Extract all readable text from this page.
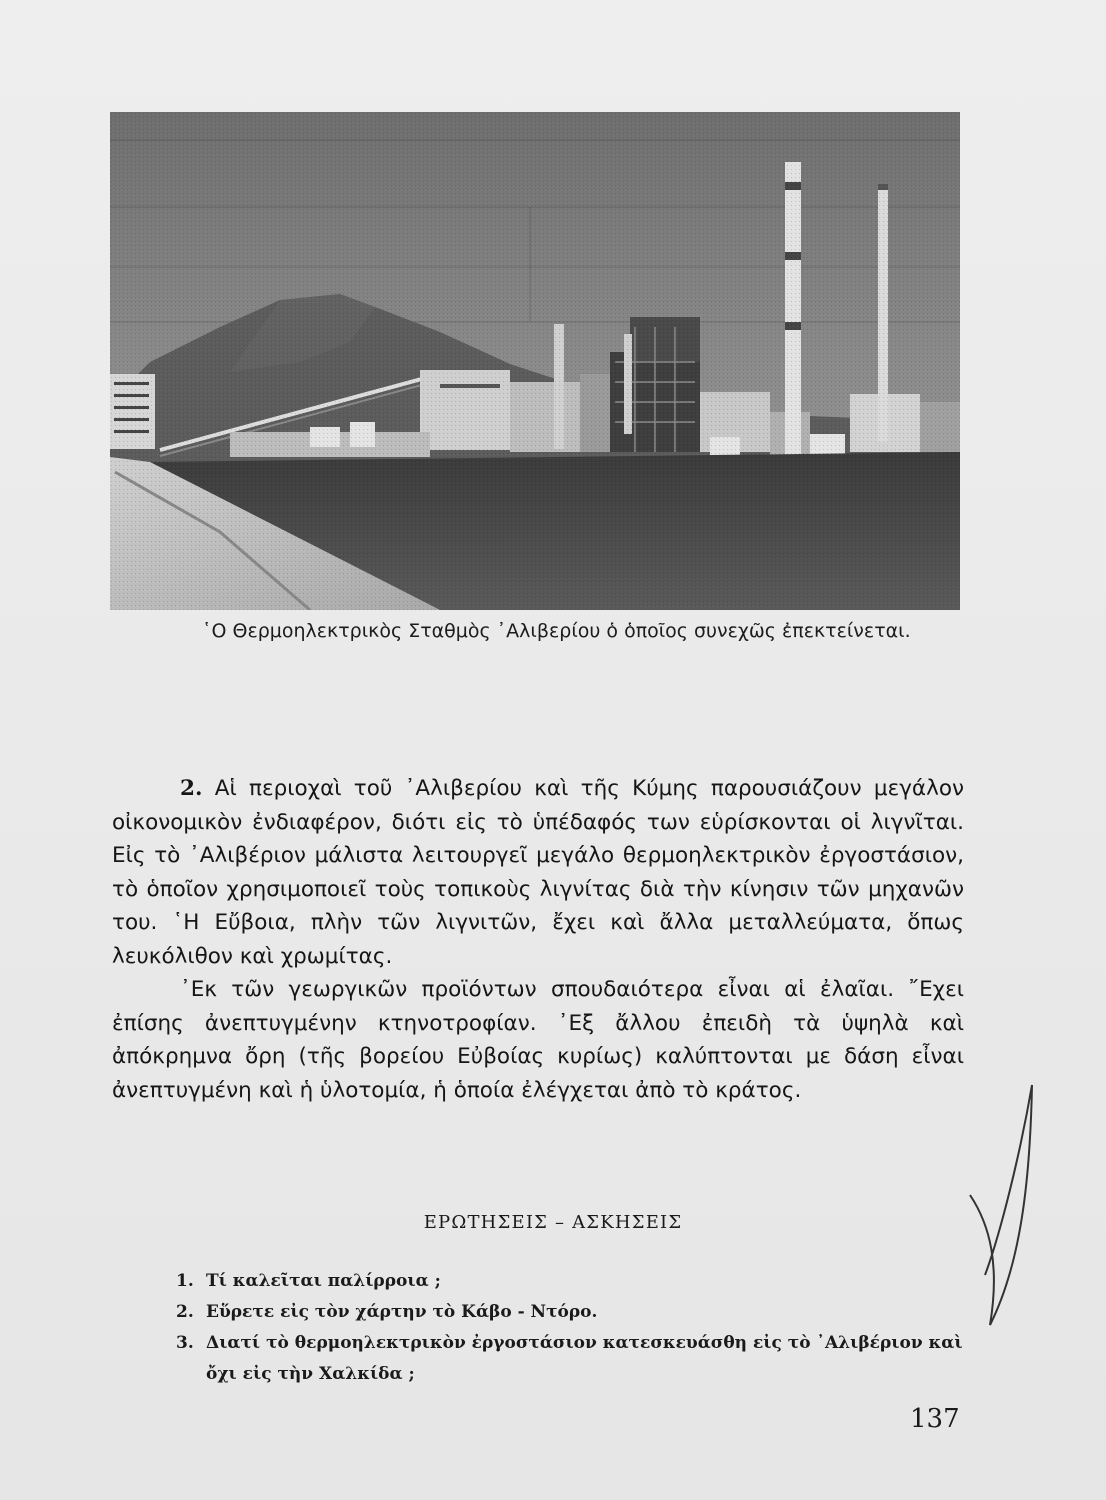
῾Ο Θερμοηλεκτρικὸς Σταθμὸς ᾽Αλιβερίου ὁ ὁποῖος συνεχῶς ἐπεκτείνεται.

2. Αἱ περιοχαὶ τοῦ ᾽Αλιβερίου καὶ τῆς Κύμης παρουσιάζουν μεγάλον οἰκονομικὸν ἐνδιαφέρον, διότι εἰς τὸ ὑπέδαφός των εὑρίσκονται οἱ λιγνῖται. Εἰς τὸ ᾽Αλιβέριον μάλιστα λειτουργεῖ μεγάλο θερμοηλεκτρικὸν ἐργοστάσιον, τὸ ὁποῖον χρησιμοποιεῖ τοὺς τοπικοὺς λιγνίτας διὰ τὴν κίνησιν τῶν μηχανῶν του. ῾Η Εὔβοια, πλὴν τῶν λιγνιτῶν, ἔχει καὶ ἄλλα μεταλλεύματα, ὅπως λευκόλιθον καὶ χρωμίτας.

᾽Εκ τῶν γεωργικῶν προϊόντων σπουδαιότερα εἶναι αἱ ἐλαῖαι. ῎Εχει ἐπίσης ἀνεπτυγμένην κτηνοτροφίαν. ᾽Εξ ἄλλου ἐπειδὴ τὰ ὑψηλὰ καὶ ἀπόκρημνα ὄρη (τῆς βορείου Εὐβοίας κυρίως) καλύπτονται με δάση εἶναι ἀνεπτυγμένη καὶ ἡ ὑλοτομία, ἡ ὁποία ἐλέγχεται ἀπὸ τὸ κράτος.

ΕΡΩΤΗΣΕΙΣ – ΑΣΚΗΣΕΙΣ
1. Τί καλεῖται παλίρροια ;
2. Εὕρετε εἰς τὸν χάρτην τὸ Κάβο - Ντόρο.
3. Διατί τὸ θερμοηλεκτρικὸν ἐργοστάσιον κατεσκευάσθη εἰς τὸ ᾽Αλιβέριον καὶ ὄχι εἰς τὴν Χαλκίδα ;
137
